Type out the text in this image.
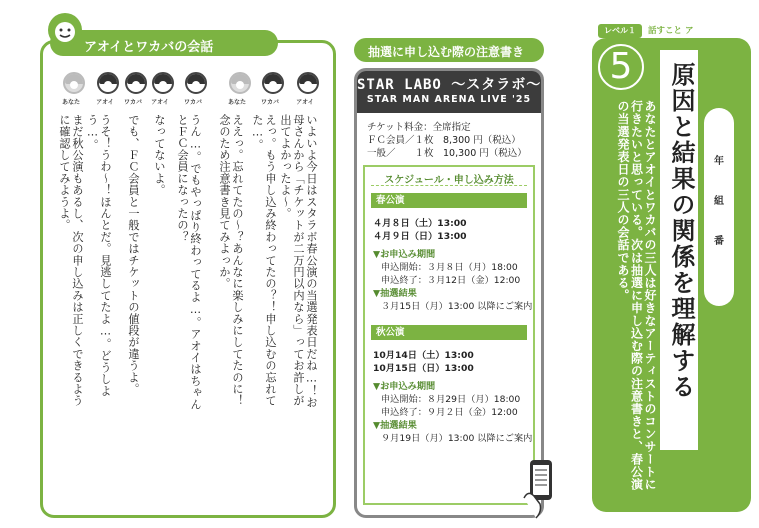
アオイとワカバの会話
アオイ
ワカバ
あなた
ワカバ
アオイ
ワカバ
アオイ
あなた
いよいよ今日はスタラボ春公演の当選発表日だね…！お母さんから「チケットが二万円以内なら」ってお許しが出てよかったよ～。
えっ。もう申し込み終わってたの？！申し込むの忘れてた…。
ええっ。忘れてたの～？あんなに楽しみにしてたのに！念のため注意書き見てみよっか。
うん…。でもやっぱり終わってるよ…。アオイはちゃんとＦＣ会員になったの？
なってないよ。
でも、ＦＣ会員と一般ではチケットの値段が違うよ。
うそ！うわ～！ほんとだ。見逃してたよ…。どうしよう…。
まだ秋公演もあるし、次の申し込みは正しくできるように確認してみようよ。
抽選に申し込む際の注意書き
STAR LABO ～スタラボ～
STAR MAN ARENA LIVE '25
チケット料金：全席指定
ＦＣ会員／１枚　8,300 円（税込）
一般／　　１枚　10,300 円（税込）
スケジュール・申し込み方法
春公演
４月８日（土）13:00
４月９日（日）13:00
▼お申込み期間
申込開始：３月８日（月）18:00
申込終了：３月12日（金）12:00
▼抽選結果
３月15日（月）13:00 以降にご案内
秋公演
10月14日（土）13:00
10月15日（日）13:00
▼お申込み期間
申込開始：８月29日（月）18:00
申込終了：９月２日（金）12:00
▼抽選結果
９月19日（月）13:00 以降にご案内
レベル１	話すこと ア
5	原因と結果の関係を理解する
あなたとアオイとワカバの三人は好きなアーティストのコンサートに行きたいと思っている。次は抽選に申し込む際の注意書きと、春公演の当選発表日の三人の会話である。	年
組
番
